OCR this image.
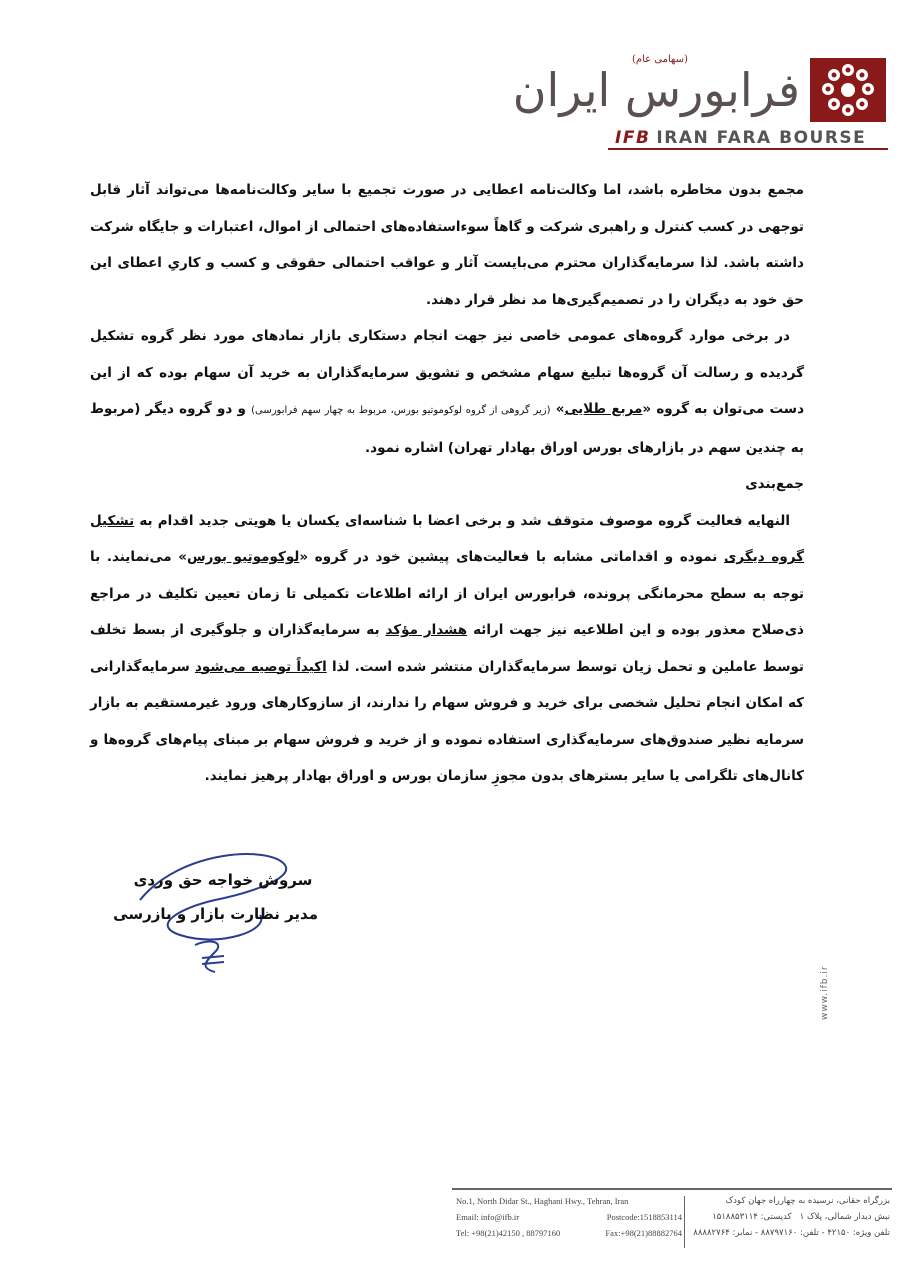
(سهامی عام)
فرابورس ایران
IFB IRAN FARA BOURSE

مجمع بدون مخاطره باشد، اما وکالت‌نامه اعطایی در صورت تجمیع با سایر وکالت‌نامه‌ها می‌تواند آثار قابل توجهی در کسب کنترل و راهبری شرکت و گاهاً سوءاستفاده‌های احتمالی از اموال، اعتبارات و جایگاه شرکت داشته باشد. لذا سرمایه‌گذاران محترم می‌بایست آثار و عواقب احتمالی حقوقی و کسب و کاریِ اعطای این حق خود به دیگران را در تصمیم‌گیری‌ها مد نظر قرار دهند.

در برخی موارد گروه‌های عمومی خاصی نیز جهت انجام دستکاری بازار نمادهای مورد نظر گروه تشکیل گردیده و رسالت آن گروه‌ها تبلیغ سهام مشخص و تشویق سرمایه‌گذاران به خرید آن سهام بوده که از این دست می‌توان به گروه «مربع طلایی» (زیر گروهی از گروه لوکوموتیو بورس، مربوط به چهار سهم فرابورسی) و دو گروه دیگر (مربوط به چندین سهم در بازارهای بورس اوراق بهادار تهران) اشاره نمود.

جمع‌بندی

النهایه فعالیت گروه موصوف متوقف شد و برخی اعضا با شناسه‌ای یکسان یا هویتی جدید اقدام به تشکیل گروه دیگری نموده و اقداماتی مشابه با فعالیت‌های پیشین خود در گروه «لوکوموتیو بورس» می‌نمایند. با توجه به سطح محرمانگی پرونده، فرابورس ایران از ارائه اطلاعات تکمیلی تا زمان تعیین تکلیف در مراجع ذی‌صلاح معذور بوده و این اطلاعیه نیز جهت ارائه هشدار مؤکد به سرمایه‌گذاران و جلوگیری از بسط تخلف توسط عاملین و تحمل زیان توسط سرمایه‌گذاران منتشر شده است. لذا اکیداً توصیه می‌شود سرمایه‌گذارانی که امکان انجام تحلیل شخصی برای خرید و فروش سهام را ندارند، از سازوکارهای ورود غیرمستقیم به بازار سرمایه نظیر صندوق‌های سرمایه‌گذاری استفاده نموده و از خرید و فروش سهام بر مبنای پیام‌های گروه‌ها و کانال‌های تلگرامی یا سایر بسترهای بدون مجوزِ سازمان بورس و اوراق بهادار پرهیز نمایند.

سروش خواجه حق وردی
مدیر نظارت بازار و بازرسی
www.ifb.ir
No.1, North Didar St., Haghani Hwy., Tehran, Iran
Email: info@ifb.ir	Postcode:1518853114
Tel: +98(21)42150 , 88797160	Fax:+98(21)88882764
بزرگراه حقانی، نرسیده به چهارراه جهان کودک
نبش دیدار شمالی، پلاک ۱   کدپستی: ۱۵۱۸۸۵۳۱۱۴
تلفن ویژه: ۴۲۱۵۰ - تلفن: ۸۸۷۹۷۱۶۰ - نمابر: ۸۸۸۸۲۷۶۴
